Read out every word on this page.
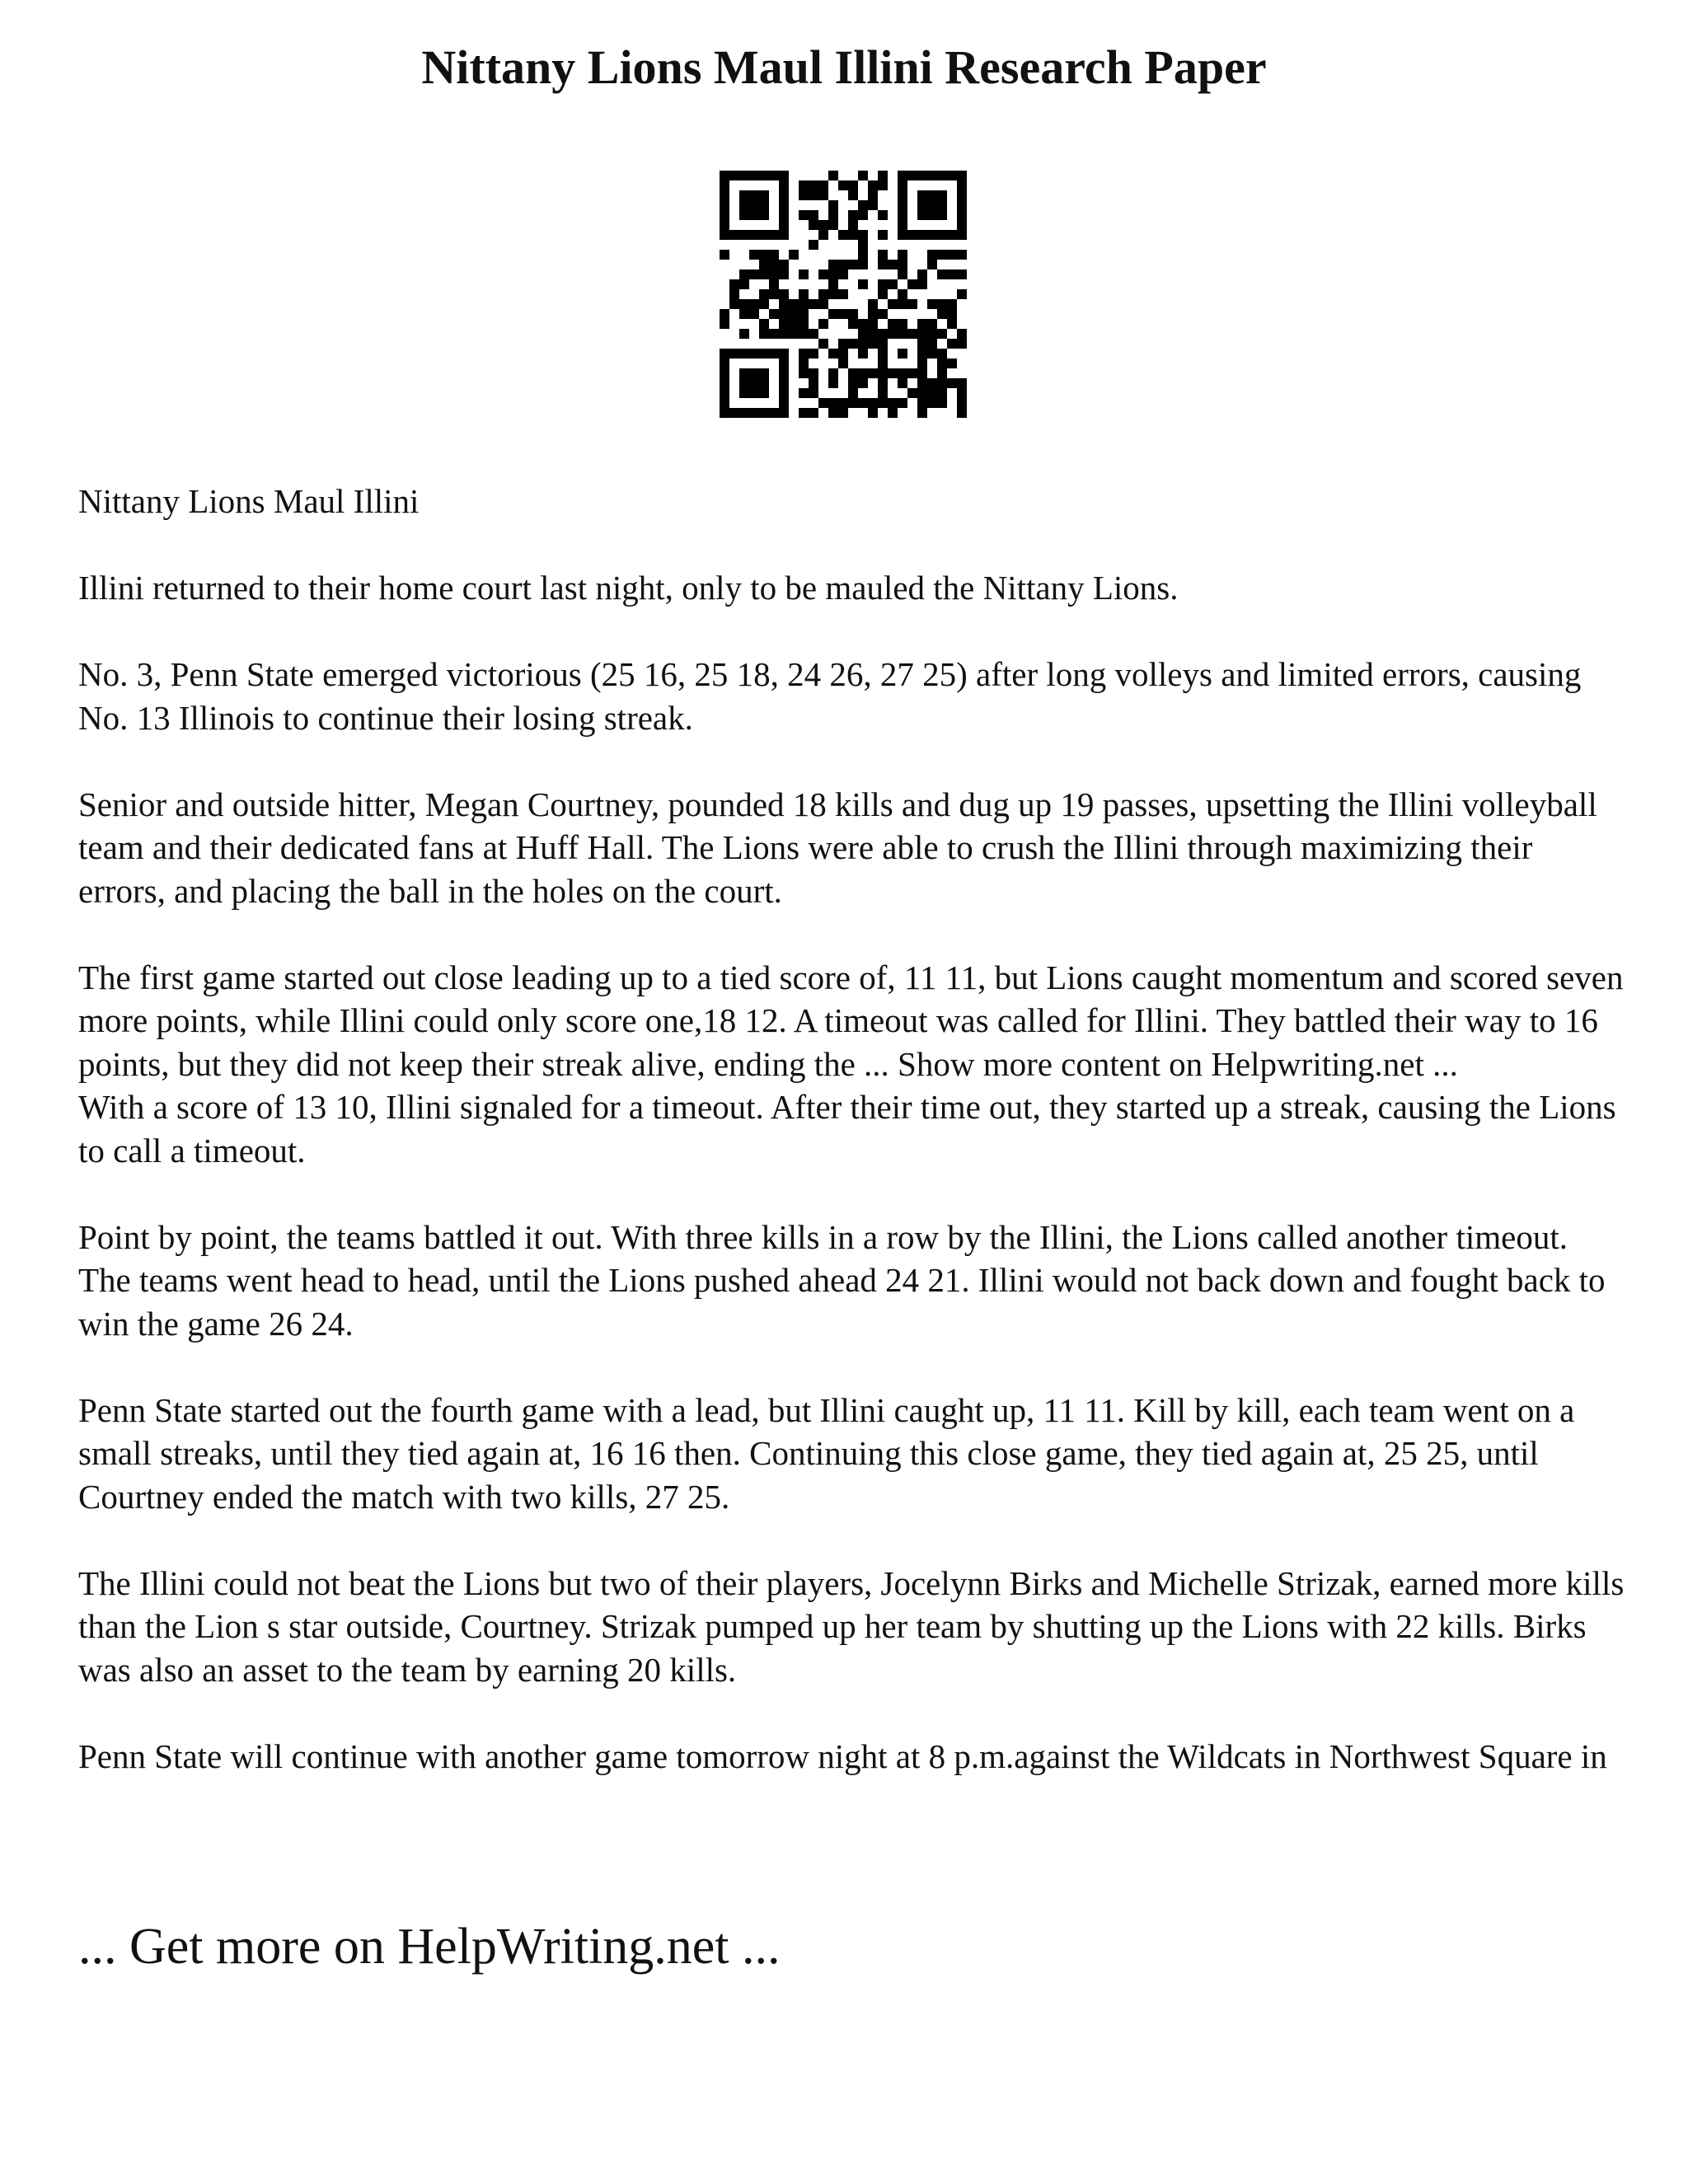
Nittany Lions Maul Illini Research Paper

Nittany Lions Maul Illini

Illini returned to their home court last night, only to be mauled the Nittany Lions.

No. 3, Penn State emerged victorious (25 16, 25 18, 24 26, 27 25) after long volleys and limited errors, causing No. 13 Illinois to continue their losing streak.

Senior and outside hitter, Megan Courtney, pounded 18 kills and dug up 19 passes, upsetting the Illini volleyball team and their dedicated fans at Huff Hall. The Lions were able to crush the Illini through maximizing their errors, and placing the ball in the holes on the court.

The first game started out close leading up to a tied score of, 11 11, but Lions caught momentum and scored seven more points, while Illini could only score one,18 12. A timeout was called for Illini. They battled their way to 16 points, but they did not keep their streak alive, ending the ... Show more content on Helpwriting.net ...

With a score of 13 10, Illini signaled for a timeout. After their time out, they started up a streak, causing the Lions to call a timeout.

Point by point, the teams battled it out. With three kills in a row by the Illini, the Lions called another timeout. The teams went head to head, until the Lions pushed ahead 24 21. Illini would not back down and fought back to win the game 26 24.

Penn State started out the fourth game with a lead, but Illini caught up, 11 11. Kill by kill, each team went on a small streaks, until they tied again at, 16 16 then. Continuing this close game, they tied again at, 25 25, until Courtney ended the match with two kills, 27 25.

The Illini could not beat the Lions but two of their players, Jocelynn Birks and Michelle Strizak, earned more kills than the Lion s star outside, Courtney. Strizak pumped up her team by shutting up the Lions with 22 kills. Birks was also an asset to the team by earning 20 kills.

Penn State will continue with another game tomorrow night at 8 p.m.against the Wildcats in Northwest Square in

... Get more on HelpWriting.net ...
